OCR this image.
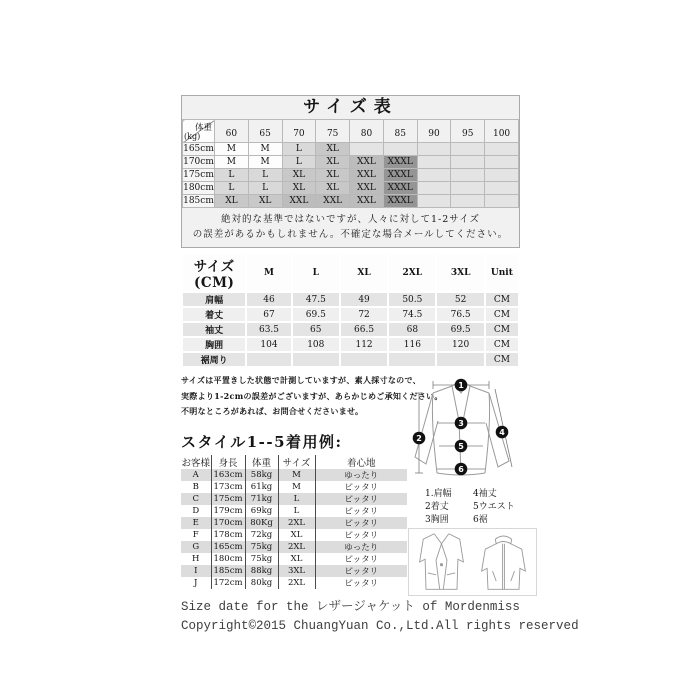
サイズ表
体重
(kg)	60	65	70	75	80	85	90	95	100
165cm	M	M	L	XL					
170cm	M	M	L	XL	XXL	XXXL			
175cm	L	L	XL	XL	XXL	XXXL			
180cm	L	L	XL	XL	XXL	XXXL			
185cm	XL	XL	XXL	XXL	XXL	XXXL			
絶対的な基準ではないですが、人々に対して1-2サイズ
の誤差があるかもしれません。不確定な場合メールしてください。
サイズ(CM)	M	L	XL	2XL	3XL	Unit
肩幅	46	47.5	49	50.5	52	CM
着丈	67	69.5	72	74.5	76.5	CM
袖丈	63.5	65	66.5	68	69.5	CM
胸囲	104	108	112	116	120	CM
裾周り						CM
サイズは平置きした状態で計測していますが、素人採寸なので、
実際より1-2cmの誤差がございますが、あらかじめご承知ください。
不明なところがあれば、お問合せくださいませ。
スタイル1--5着用例:
お客様	身長	体重	サイズ	着心地
A	163cm	58kg	M	ゆったり
B	173cm	61kg	M	ピッタリ
C	175cm	71kg	L	ピッタリ
D	179cm	69kg	L	ピッタリ
E	170cm	80Kg	2XL	ピッタリ
F	178cm	72kg	XL	ピッタリ
G	165cm	75kg	2XL	ゆったり
H	180cm	75kg	XL	ピッタリ
I	185cm	88kg	3XL	ピッタリ
J	172cm	80kg	2XL	ピッタリ
1
2
3
4
5
6
1.肩幅
2着丈
3胸囲
4袖丈
5ウエスト
6裾
Size date for the レザージャケット of Mordenmiss
Copyright©2015 ChuangYuan Co.,Ltd.All rights reserved
